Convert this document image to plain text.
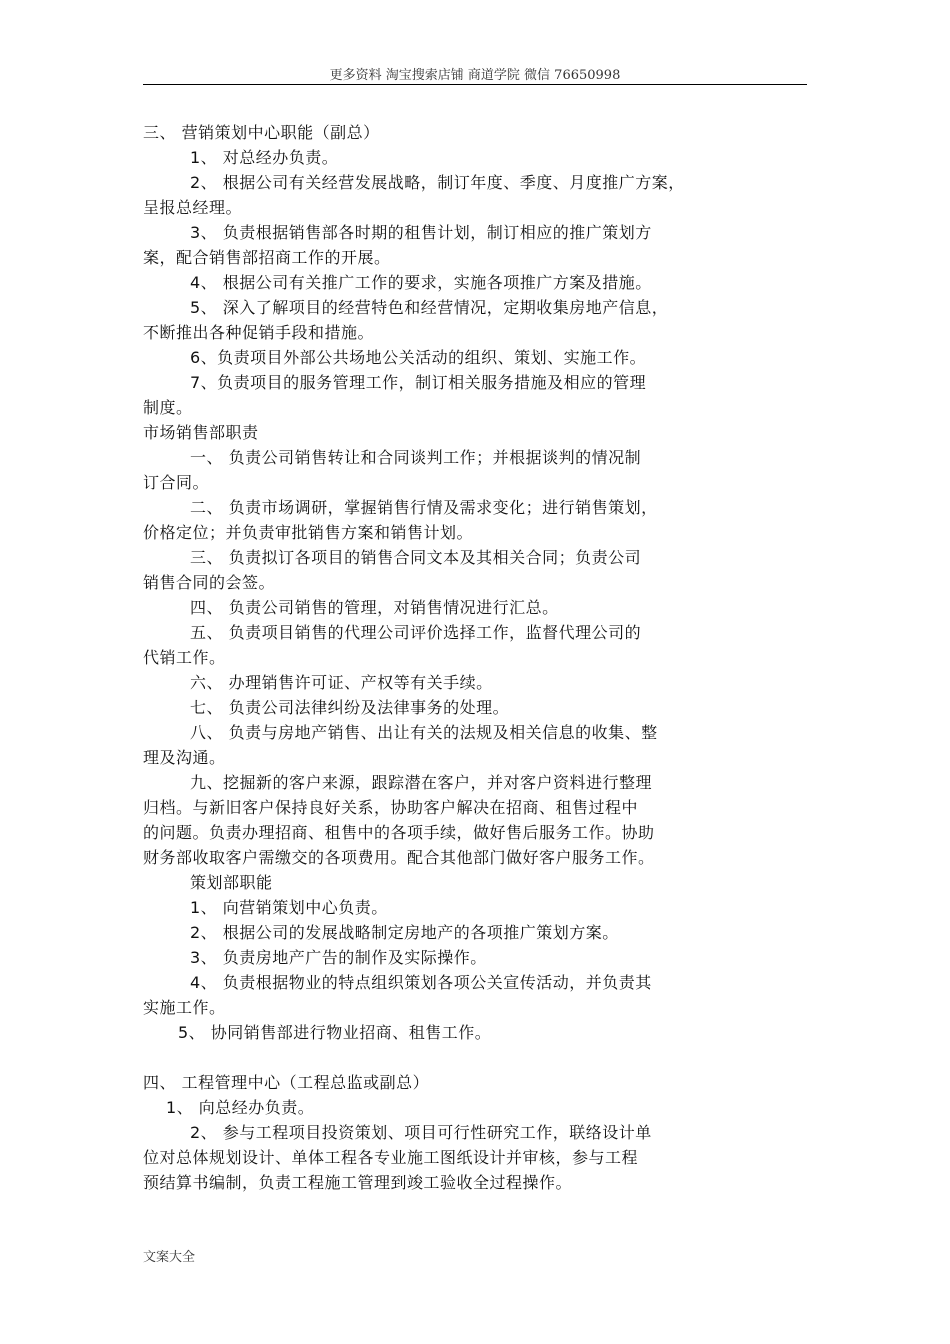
更多资料 淘宝搜索店铺 商道学院 微信 76650998

三、 营销策划中心职能（副总）

1、 对总经办负责。

2、 根据公司有关经营发展战略，制订年度、季度、月度推广方案，

呈报总经理。

3、 负责根据销售部各时期的租售计划，制订相应的推广策划方

案，配合销售部招商工作的开展。

4、 根据公司有关推广工作的要求，实施各项推广方案及措施。

5、 深入了解项目的经营特色和经营情况，定期收集房地产信息，

不断推出各种促销手段和措施。

6、负责项目外部公共场地公关活动的组织、策划、实施工作。

7、负责项目的服务管理工作，制订相关服务措施及相应的管理

制度。

市场销售部职责

一、 负责公司销售转让和合同谈判工作；并根据谈判的情况制

订合同。

二、 负责市场调研，掌握销售行情及需求变化；进行销售策划，

价格定位；并负责审批销售方案和销售计划。

三、 负责拟订各项目的销售合同文本及其相关合同；负责公司

销售合同的会签。

四、 负责公司销售的管理，对销售情况进行汇总。

五、 负责项目销售的代理公司评价选择工作，监督代理公司的

代销工作。

六、 办理销售许可证、产权等有关手续。

七、 负责公司法律纠纷及法律事务的处理。

八、 负责与房地产销售、出让有关的法规及相关信息的收集、整

理及沟通。

九、挖掘新的客户来源，跟踪潜在客户，并对客户资料进行整理

归档。与新旧客户保持良好关系，协助客户解决在招商、租售过程中

的问题。负责办理招商、租售中的各项手续，做好售后服务工作。协助

财务部收取客户需缴交的各项费用。配合其他部门做好客户服务工作。

策划部职能

1、 向营销策划中心负责。

2、 根据公司的发展战略制定房地产的各项推广策划方案。

3、 负责房地产广告的制作及实际操作。

4、 负责根据物业的特点组织策划各项公关宣传活动，并负责其

实施工作。

5、 协同销售部进行物业招商、租售工作。

四、 工程管理中心（工程总监或副总）

1、 向总经办负责。

2、 参与工程项目投资策划、项目可行性研究工作，联络设计单

位对总体规划设计、单体工程各专业施工图纸设计并审核，参与工程

预结算书编制，负责工程施工管理到竣工验收全过程操作。

文案大全
